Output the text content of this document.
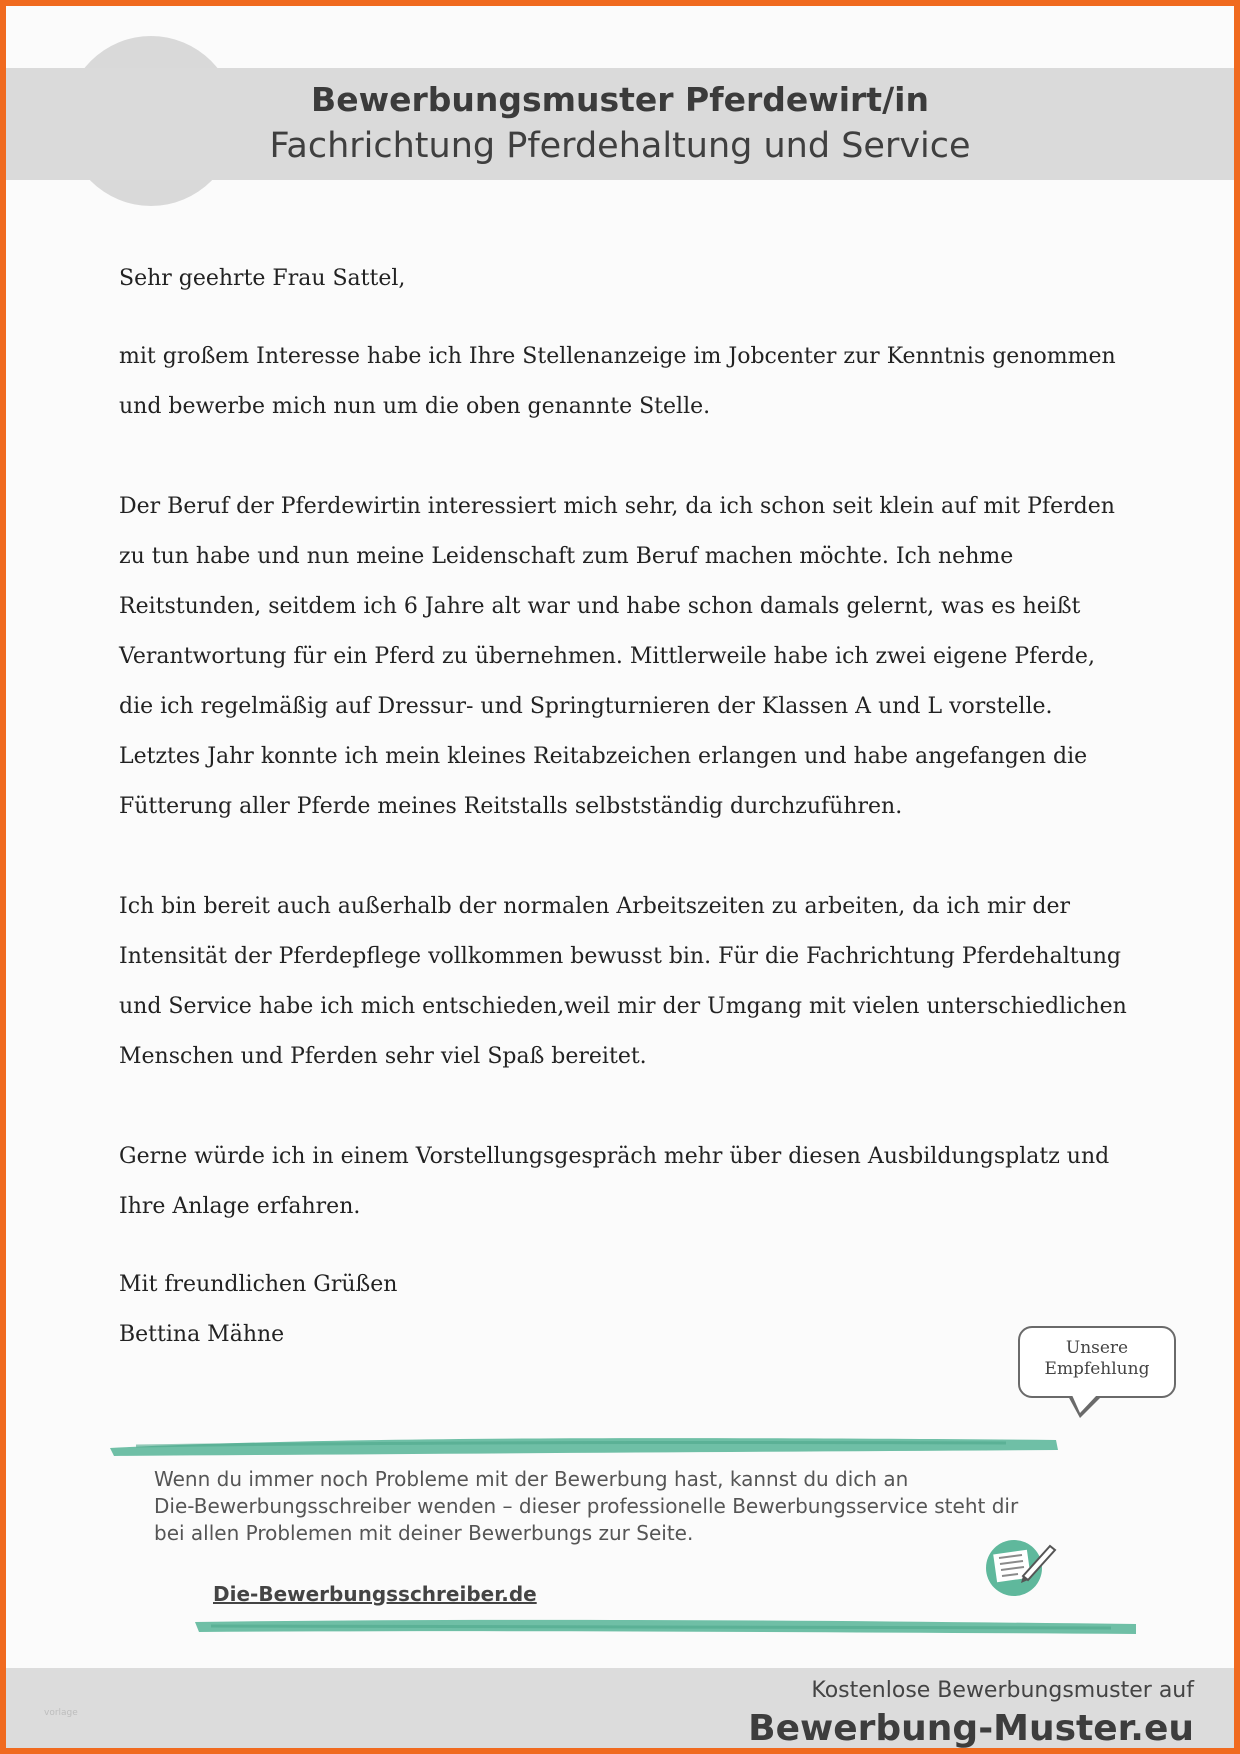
Bewerbungsmuster Pferdewirt/in
Fachrichtung Pferdehaltung und Service

Sehr geehrte Frau Sattel,

mit großem Interesse habe ich Ihre Stellenanzeige im Jobcenter zur Kenntnis genommen und bewerbe mich nun um die oben genannte Stelle.

Der Beruf der Pferdewirtin interessiert mich sehr, da ich schon seit klein auf mit Pferden zu tun habe und nun meine Leidenschaft zum Beruf machen möchte. Ich nehme Reitstunden, seitdem ich 6 Jahre alt war und habe schon damals gelernt, was es heißt Verantwortung für ein Pferd zu übernehmen. Mittlerweile habe ich zwei eigene Pferde, die ich regelmäßig auf Dressur- und Springturnieren der Klassen A und L vorstelle. Letztes Jahr konnte ich mein kleines Reitabzeichen erlangen und habe angefangen die Fütterung aller Pferde meines Reitstalls selbstständig durchzuführen.

Ich bin bereit auch außerhalb der normalen Arbeitszeiten zu arbeiten, da ich mir der Intensität der Pferdepflege vollkommen bewusst bin. Für die Fachrichtung Pferdehaltung und Service habe ich mich entschieden,weil mir der Umgang mit vielen unterschiedlichen Menschen und Pferden sehr viel Spaß bereitet.

Gerne würde ich in einem Vorstellungsgespräch mehr über diesen Ausbildungsplatz und Ihre Anlage erfahren.

Mit freundlichen Grüßen

Bettina Mähne

Unsere
Empfehlung
Wenn du immer noch Probleme mit der Bewerbung hast, kannst du dich an
Die-Bewerbungsschreiber wenden – dieser professionelle Bewerbungsservice steht dir
bei allen Problemen mit deiner Bewerbungs zur Seite.
Die-Bewerbungsschreiber.de
vorlage
Kostenlose Bewerbungsmuster auf
Bewerbung-Muster.eu
